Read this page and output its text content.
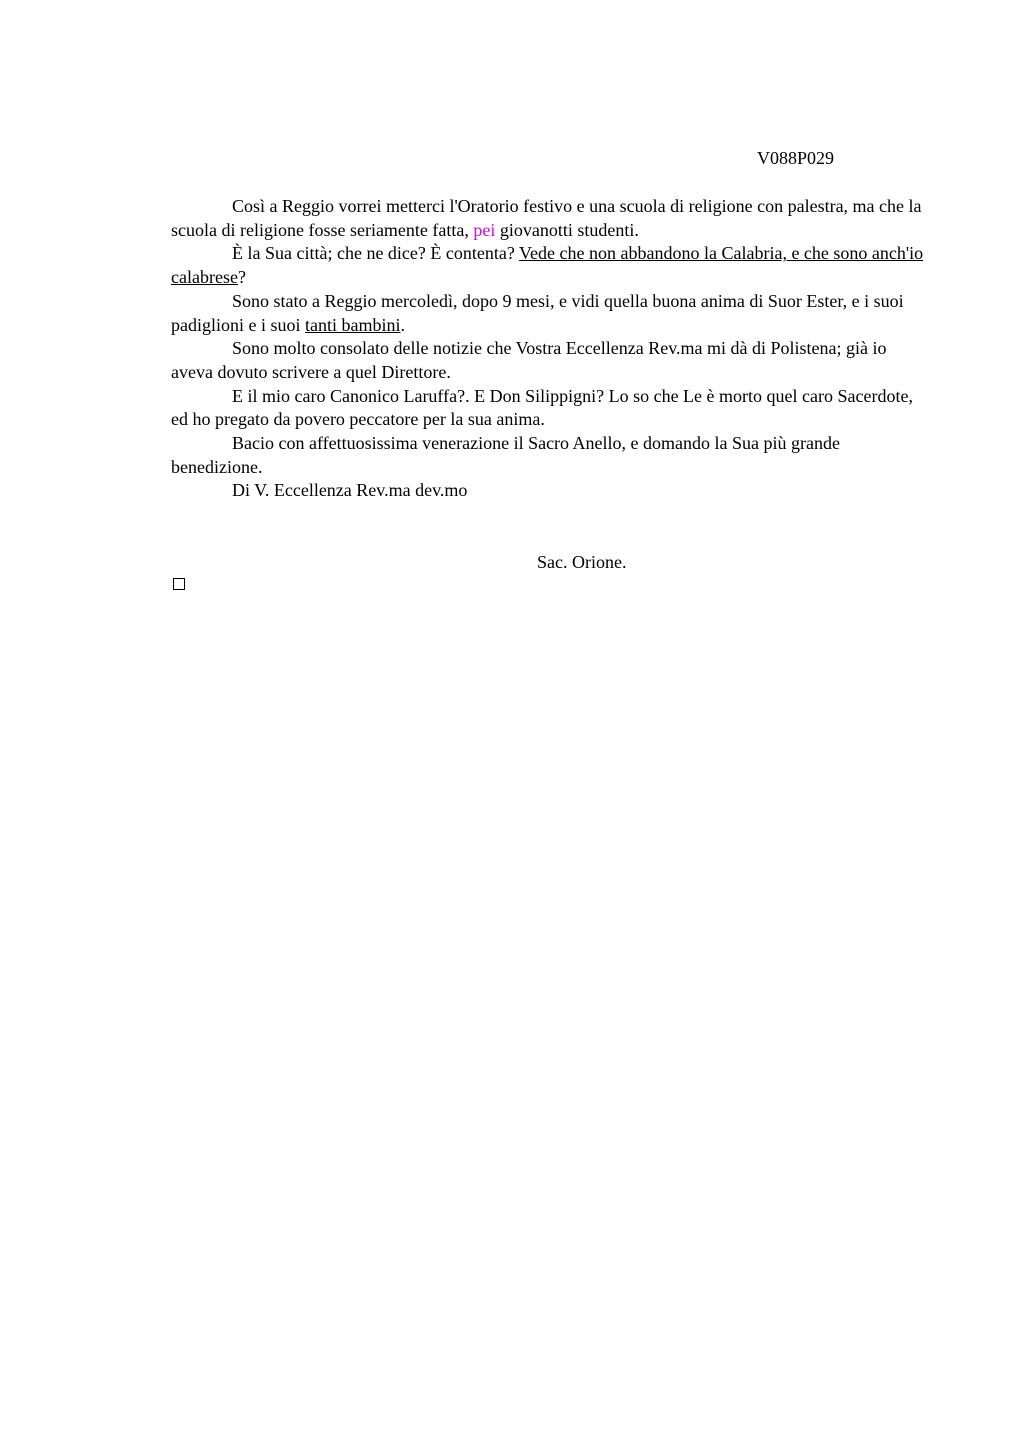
V088P029

Così a Reggio vorrei metterci l'Oratorio festivo e una scuola di religione con palestra, ma che la scuola di religione fosse seriamente fatta, pei giovanotti studenti.

È la Sua città; che ne dice? È contenta? Vede che non abbandono la Calabria, e che sono anch'io calabrese?

Sono stato a Reggio mercoledì, dopo 9 mesi, e vidi quella buona anima di Suor Ester, e i suoi padiglioni e i suoi tanti bambini.

Sono molto consolato delle notizie che Vostra Eccellenza Rev.ma mi dà di Polistena; già io aveva dovuto scrivere a quel Direttore.

E il mio caro Canonico Laruffa?. E Don Silippigni? Lo so che Le è morto quel caro Sacerdote, ed ho pregato da povero peccatore per la sua anima.

Bacio con affettuosissima venerazione il Sacro Anello, e domando la Sua più grande benedizione.

Di V. Eccellenza Rev.ma dev.mo

Sac. Orione.
